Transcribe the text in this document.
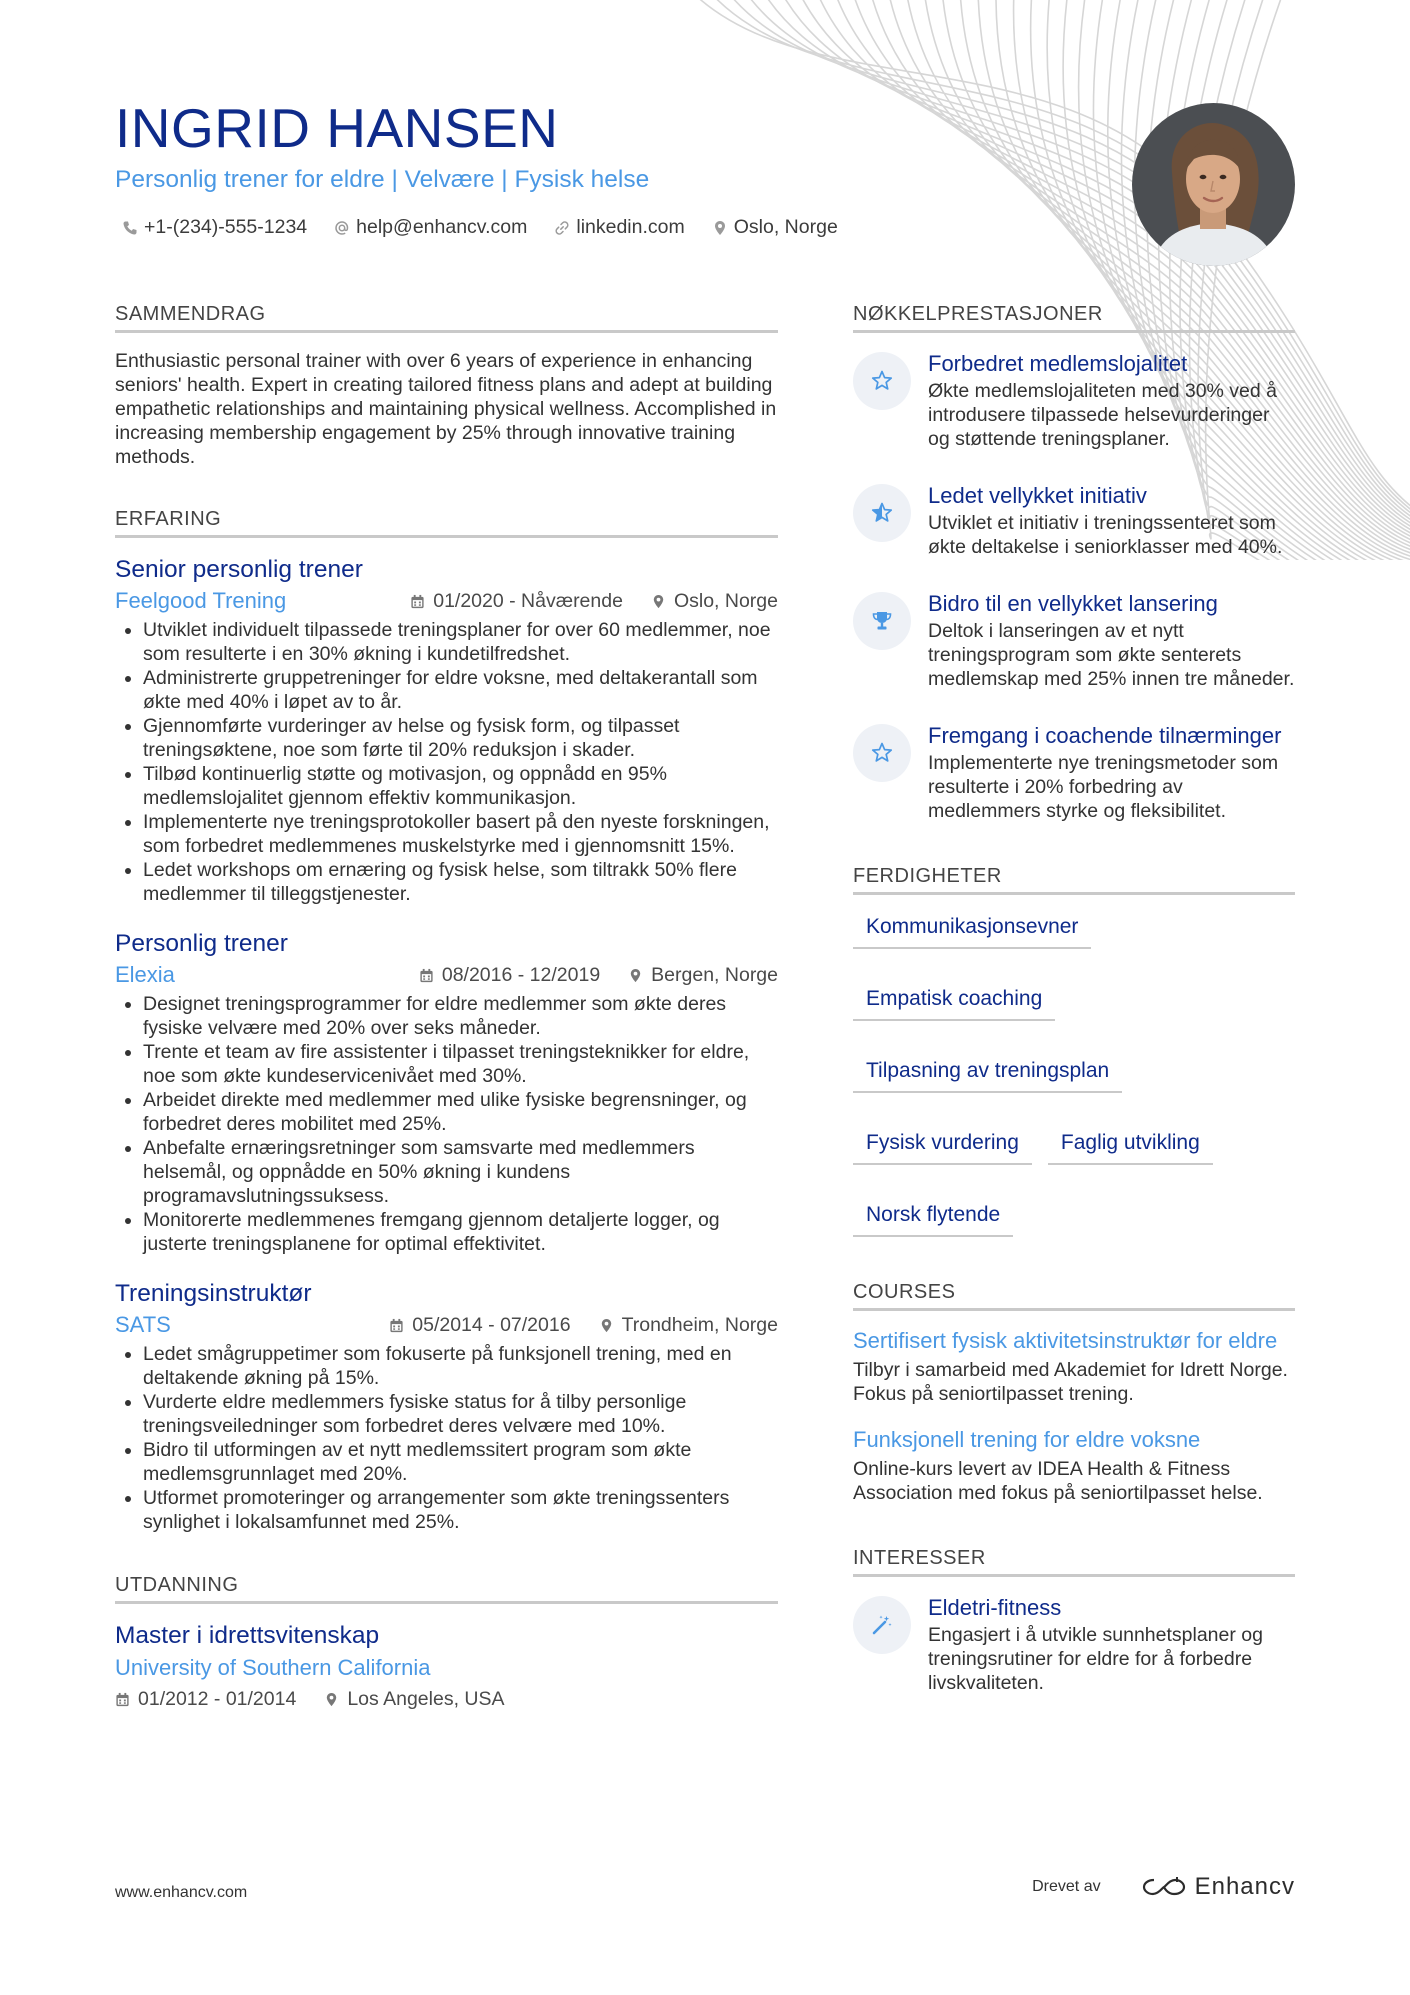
INGRID HANSEN
Personlig trener for eldre | Velvære | Fysisk helse
+1-(234)-555-1234	help@enhancv.com	linkedin.com	Oslo, Norge
SAMMENDRAG

Enthusiastic personal trainer with over 6 years of experience in enhancing seniors' health. Expert in creating tailored fitness plans and adept at building empathetic relationships and maintaining physical wellness. Accomplished in increasing membership engagement by 25% through innovative training methods.

ERFARING
Senior personlig trener
Feelgood Trening	01/2020 - Nåværende	Oslo, Norge
• Utviklet individuelt tilpassede treningsplaner for over 60 medlemmer, noe som resulterte i en 30% økning i kundetilfredshet.
• Administrerte gruppetreninger for eldre voksne, med deltakerantall som økte med 40% i løpet av to år.
• Gjennomførte vurderinger av helse og fysisk form, og tilpasset treningsøktene, noe som førte til 20% reduksjon i skader.
• Tilbød kontinuerlig støtte og motivasjon, og oppnådd en 95% medlemslojalitet gjennom effektiv kommunikasjon.
• Implementerte nye treningsprotokoller basert på den nyeste forskningen, som forbedret medlemmenes muskelstyrke med i gjennomsnitt 15%.
• Ledet workshops om ernæring og fysisk helse, som tiltrakk 50% flere medlemmer til tilleggstjenester.
Personlig trener
Elexia	08/2016 - 12/2019	Bergen, Norge
• Designet treningsprogrammer for eldre medlemmer som økte deres fysiske velvære med 20% over seks måneder.
• Trente et team av fire assistenter i tilpasset treningsteknikker for eldre, noe som økte kundeservicenivået med 30%.
• Arbeidet direkte med medlemmer med ulike fysiske begrensninger, og forbedret deres mobilitet med 25%.
• Anbefalte ernæringsretninger som samsvarte med medlemmers helsemål, og oppnådde en 50% økning i kundens programavslutningssuksess.
• Monitorerte medlemmenes fremgang gjennom detaljerte logger, og justerte treningsplanene for optimal effektivitet.
Treningsinstruktør
SATS	05/2014 - 07/2016	Trondheim, Norge
• Ledet smågruppetimer som fokuserte på funksjonell trening, med en deltakende økning på 15%.
• Vurderte eldre medlemmers fysiske status for å tilby personlige treningsveiledninger som forbedret deres velvære med 10%.
• Bidro til utformingen av et nytt medlemssitert program som økte medlemsgrunnlaget med 20%.
• Utformet promoteringer og arrangementer som økte treningssenters synlighet i lokalsamfunnet med 25%.
UTDANNING
Master i idrettsvitenskap
University of Southern California
01/2012 - 01/2014	Los Angeles, USA
NØKKELPRESTASJONER
Forbedret medlemslojalitet
Økte medlemslojaliteten med 30% ved å introdusere tilpassede helsevurderinger og støttende treningsplaner.
Ledet vellykket initiativ
Utviklet et initiativ i treningssenteret som økte deltakelse i seniorklasser med 40%.
Bidro til en vellykket lansering
Deltok i lanseringen av et nytt treningsprogram som økte senterets medlemskap med 25% innen tre måneder.
Fremgang i coachende tilnærminger
Implementerte nye treningsmetoder som resulterte i 20% forbedring av medlemmers styrke og fleksibilitet.
FERDIGHETER
Kommunikasjonsevner
Empatisk coaching
Tilpasning av treningsplan
Fysisk vurdering	Faglig utvikling
Norsk flytende
COURSES
Sertifisert fysisk aktivitetsinstruktør for eldre
Tilbyr i samarbeid med Akademiet for Idrett Norge. Fokus på seniortilpasset trening.
Funksjonell trening for eldre voksne
Online-kurs levert av IDEA Health & Fitness Association med fokus på seniortilpasset helse.
INTERESSER
Eldetri-fitness
Engasjert i å utvikle sunnhetsplaner og treningsrutiner for eldre for å forbedre livskvaliteten.
www.enhancv.com	Drevet av	Enhancv
